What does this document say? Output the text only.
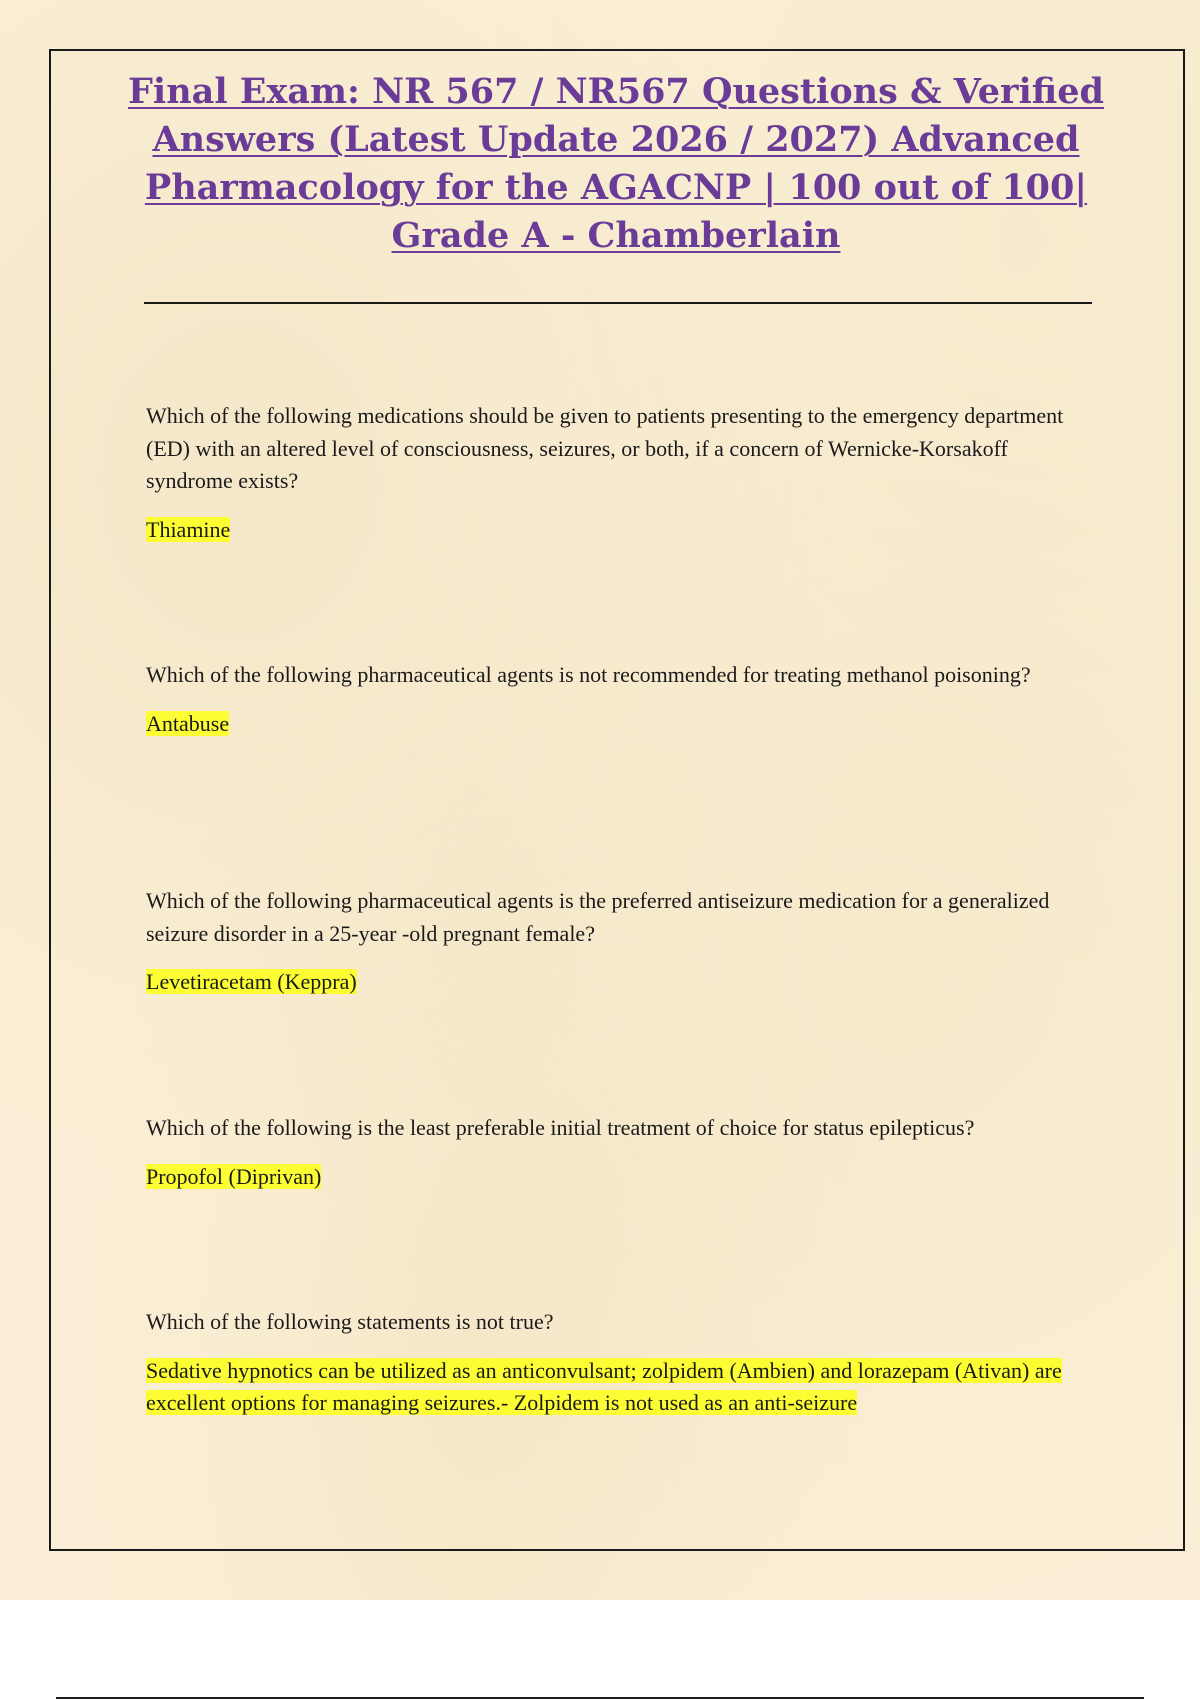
Final Exam: NR 567 / NR567 Questions & Verified Answers (Latest Update 2026 / 2027) Advanced Pharmacology for the AGACNP | 100 out of 100| Grade A - Chamberlain

Which of the following medications should be given to patients presenting to the emergency department (ED) with an altered level of consciousness, seizures, or both, if a concern of Wernicke-Korsakoff syndrome exists?

Thiamine

Which of the following pharmaceutical agents is not recommended for treating methanol poisoning?

Antabuse

Which of the following pharmaceutical agents is the preferred antiseizure medication for a generalized seizure disorder in a 25-year -old pregnant female?

Levetiracetam (Keppra)

Which of the following is the least preferable initial treatment of choice for status epilepticus?

Propofol (Diprivan)

Which of the following statements is not true?

Sedative hypnotics can be utilized as an anticonvulsant; zolpidem (Ambien) and lorazepam (Ativan) are excellent options for managing seizures.- Zolpidem is not used as an anti-seizure
